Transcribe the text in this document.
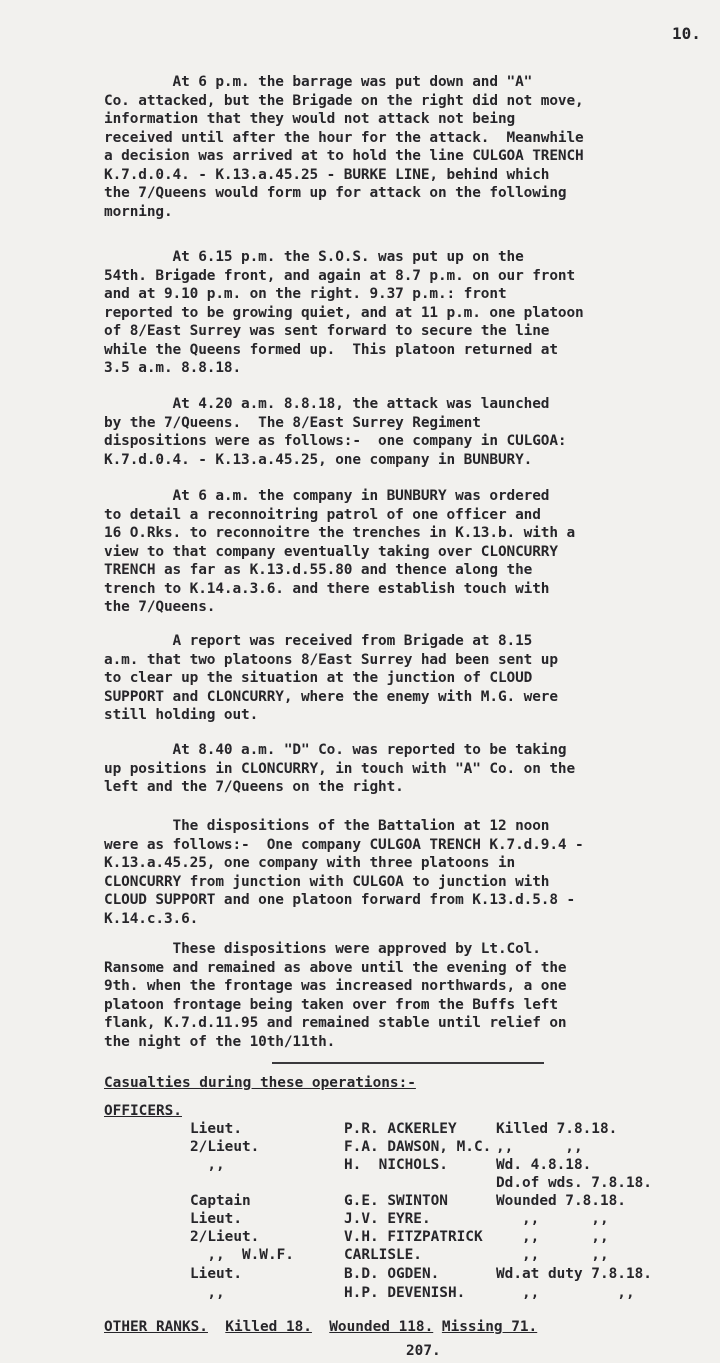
10.
At 6 p.m. the barrage was put down and "A"
Co. attacked, but the Brigade on the right did not move,
information that they would not attack not being
received until after the hour for the attack.  Meanwhile
a decision was arrived at to hold the line CULGOA TRENCH
K.7.d.0.4. - K.13.a.45.25 - BURKE LINE, behind which
the 7/Queens would form up for attack on the following
morning.
At 6.15 p.m. the S.O.S. was put up on the
54th. Brigade front, and again at 8.7 p.m. on our front
and at 9.10 p.m. on the right. 9.37 p.m.: front
reported to be growing quiet, and at 11 p.m. one platoon
of 8/East Surrey was sent forward to secure the line
while the Queens formed up.  This platoon returned at
3.5 a.m. 8.8.18.
At 4.20 a.m. 8.8.18, the attack was launched
by the 7/Queens.  The 8/East Surrey Regiment
dispositions were as follows:-  one company in CULGOA:
K.7.d.0.4. - K.13.a.45.25, one company in BUNBURY.
At 6 a.m. the company in BUNBURY was ordered
to detail a reconnoitring patrol of one officer and
16 O.Rks. to reconnoitre the trenches in K.13.b. with a
view to that company eventually taking over CLONCURRY
TRENCH as far as K.13.d.55.80 and thence along the
trench to K.14.a.3.6. and there establish touch with
the 7/Queens.
A report was received from Brigade at 8.15
a.m. that two platoons 8/East Surrey had been sent up
to clear up the situation at the junction of CLOUD
SUPPORT and CLONCURRY, where the enemy with M.G. were
still holding out.
At 8.40 a.m. "D" Co. was reported to be taking
up positions in CLONCURRY, in touch with "A" Co. on the
left and the 7/Queens on the right.
The dispositions of the Battalion at 12 noon
were as follows:-  One company CULGOA TRENCH K.7.d.9.4 -
K.13.a.45.25, one company with three platoons in
CLONCURRY from junction with CULGOA to junction with
CLOUD SUPPORT and one platoon forward from K.13.d.5.8 -
K.14.c.3.6.
These dispositions were approved by Lt.Col.
Ransome and remained as above until the evening of the
9th. when the frontage was increased northwards, a one
platoon frontage being taken over from the Buffs left
flank, K.7.d.11.95 and remained stable until relief on
the night of the 10th/11th.
Casualties during these operations:-
OFFICERS.
Lieut.	P.R. ACKERLEY	Killed 7.8.18.
2/Lieut.	F.A. DAWSON, M.C. ,,      ,,
,,	H.  NICHOLS.	Wd. 4.8.18.
Dd.of wds. 7.8.18.
Captain	G.E. SWINTON	Wounded 7.8.18.
Lieut.	J.V. EYRE.	,,      ,,
2/Lieut.	V.H. FITZPATRICK ,,      ,,
,,  W.W.F.	CARLISLE.	,,      ,,
Lieut.	B.D. OGDEN.	Wd.at duty 7.8.18.
,,	H.P. DEVENISH. ,,         ,,
OTHER RANKS. Killed 18. Wounded 118. Missing 71.
207.
